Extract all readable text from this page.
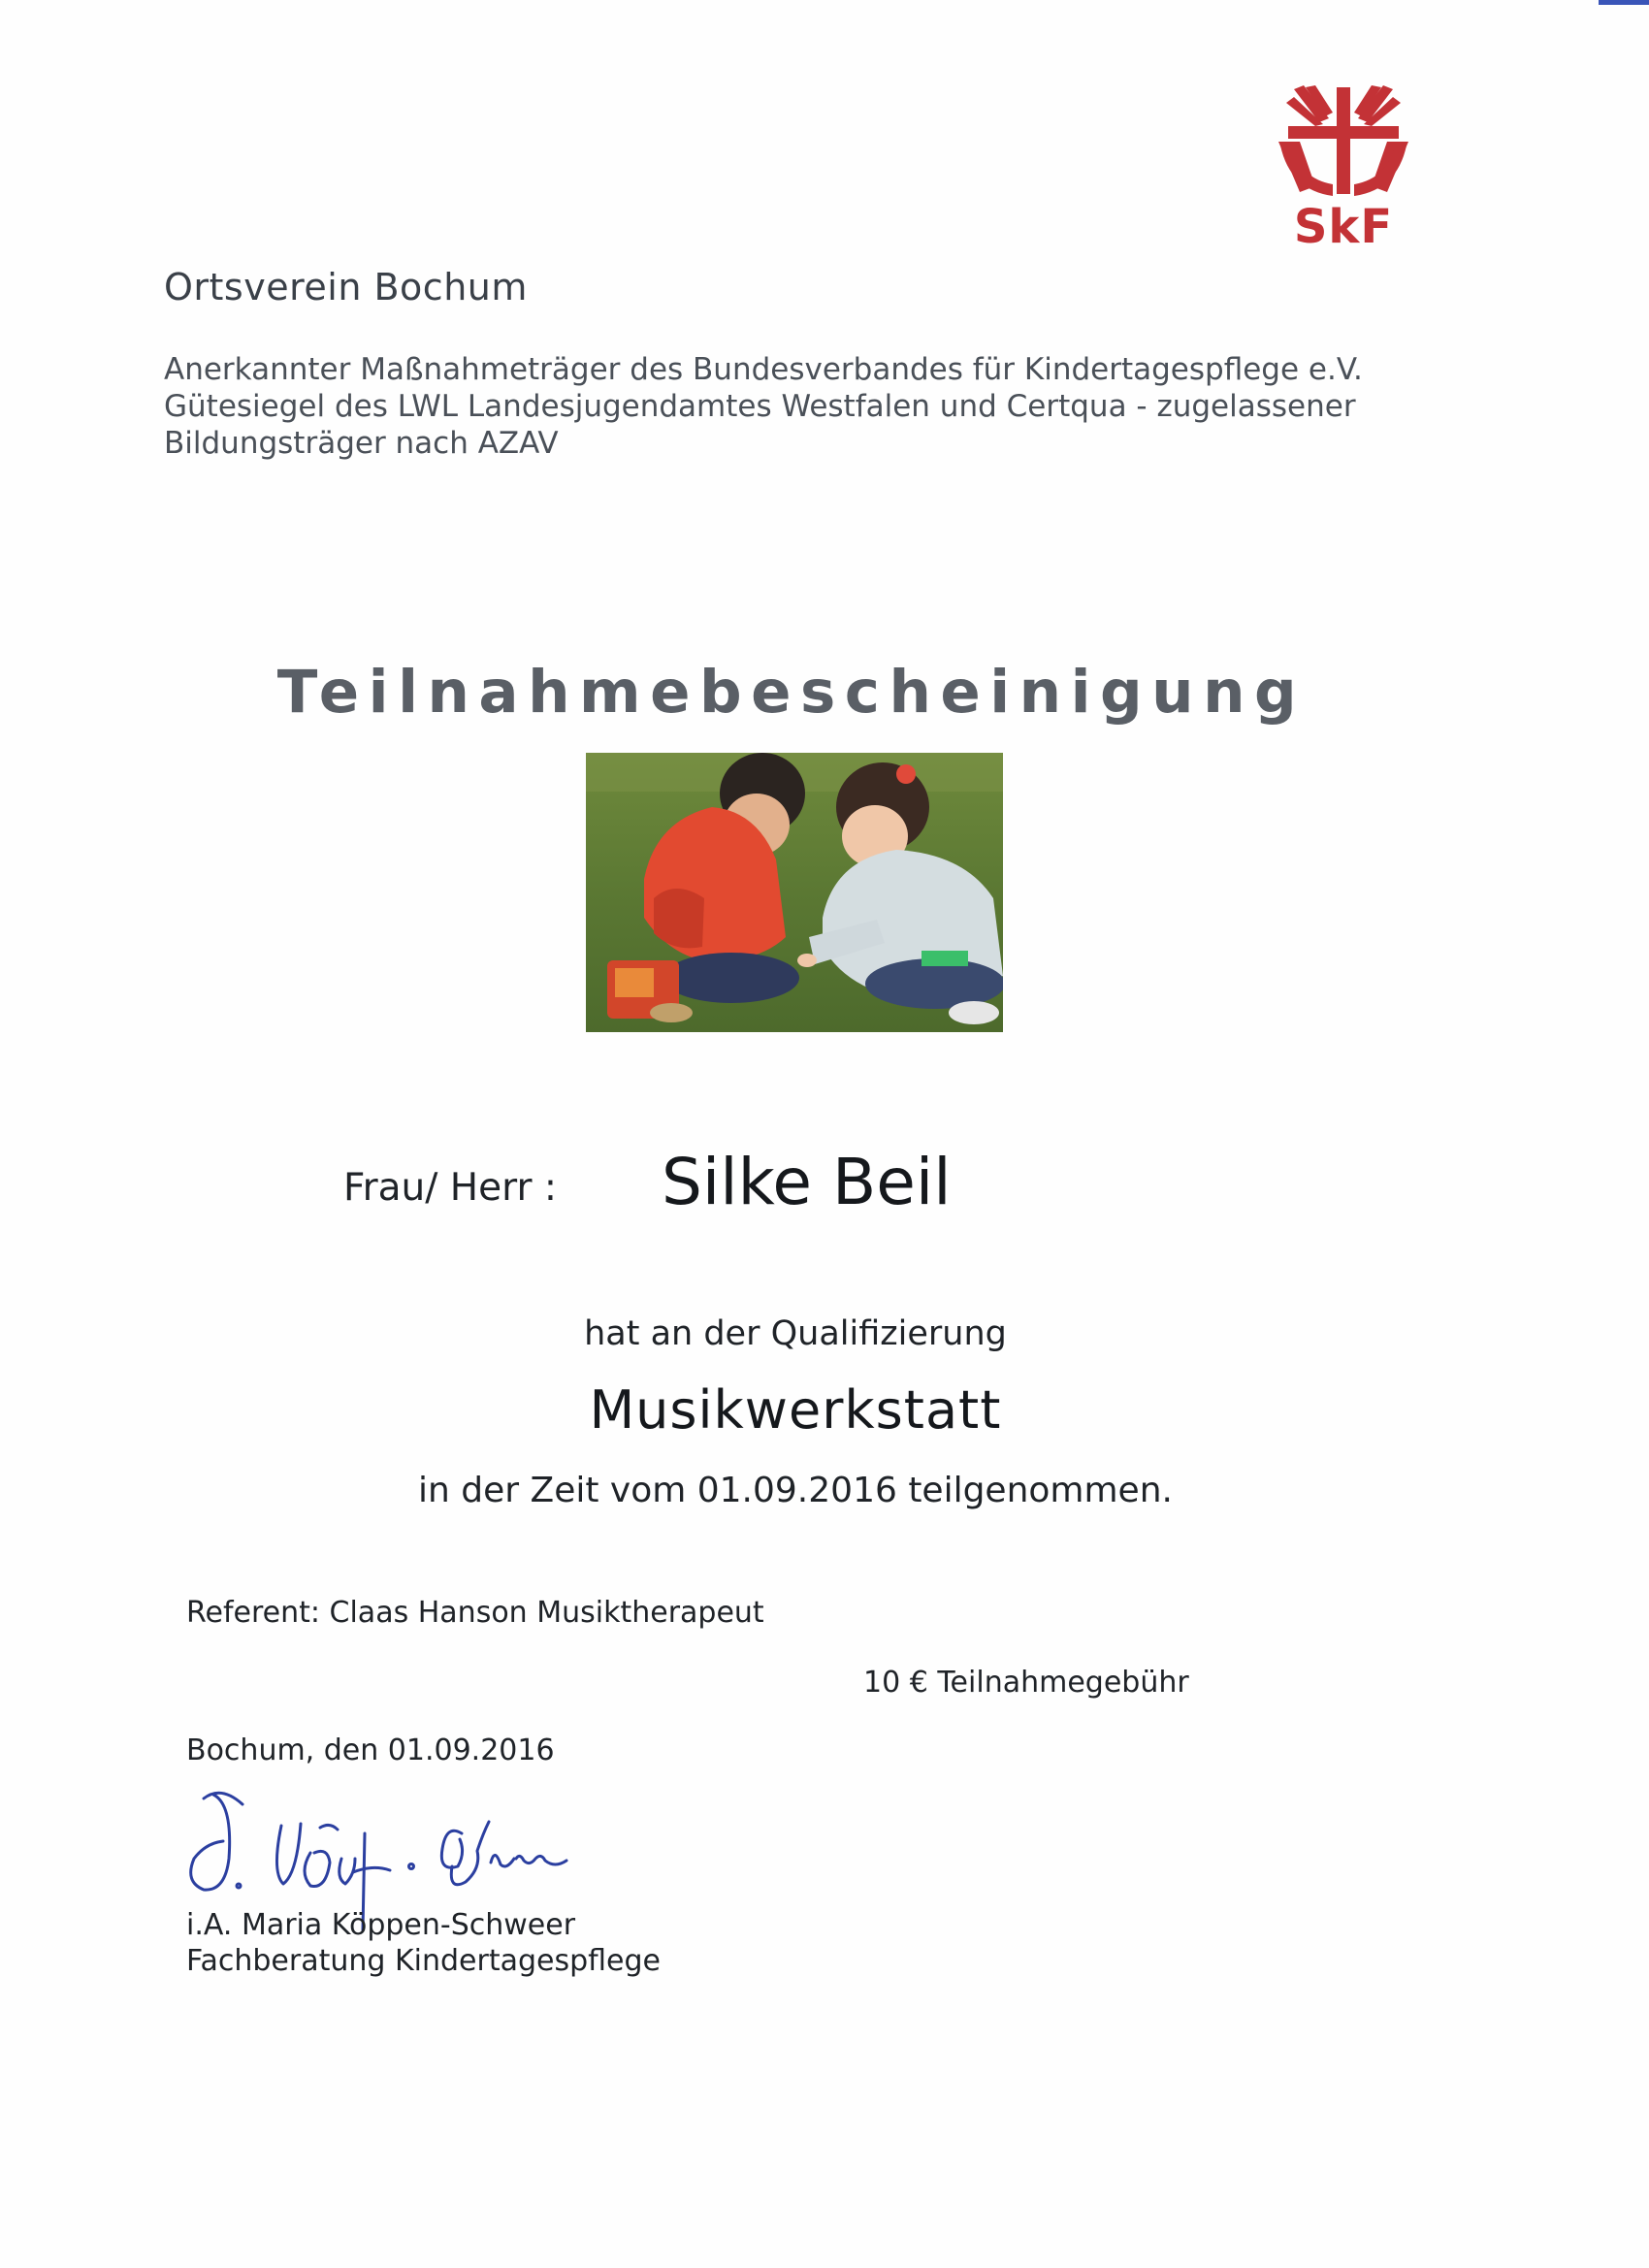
SkF
Ortsverein Bochum
Anerkannter Maßnahmeträger des Bundesverbandes für Kindertagespflege e.V.
Gütesiegel des LWL Landesjugendamtes Westfalen und Certqua - zugelassener
Bildungsträger nach AZAV
Teilnahmebescheinigung
Frau/ Herr : Silke Beil
hat an der Qualifizierung
Musikwerkstatt
in der Zeit vom 01.09.2016 teilgenommen.
Referent: Claas Hanson Musiktherapeut
10 € Teilnahmegebühr
Bochum, den 01.09.2016
i.A. Maria Köppen-Schweer
Fachberatung Kindertagespflege
